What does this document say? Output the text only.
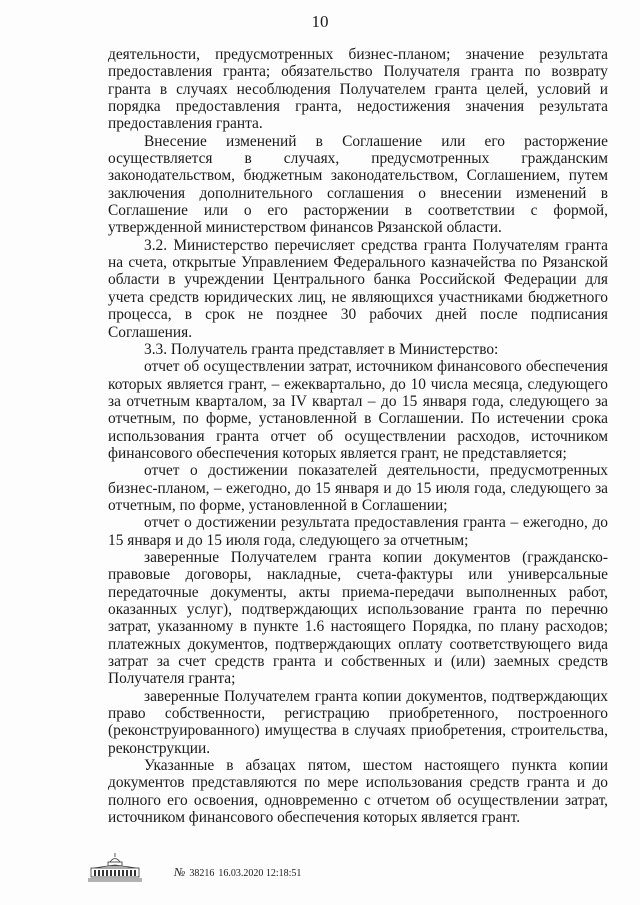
10

деятельности, предусмотренных бизнес-планом; значение результата предоставления гранта; обязательство Получателя гранта по возврату гранта в случаях несоблюдения Получателем гранта целей, условий и порядка предоставления гранта, недостижения значения результата предоставления гранта.

Внесение изменений в Соглашение или его расторжение осуществляется в случаях, предусмотренных гражданским законодательством, бюджетным законодательством, Соглашением, путем заключения дополнительного соглашения о внесении изменений в Соглашение или о его расторжении в соответствии с формой, утвержденной министерством финансов Рязанской области.

3.2. Министерство перечисляет средства гранта Получателям гранта на счета, открытые Управлением Федерального казначейства по Рязанской области в учреждении Центрального банка Российской Федерации для учета средств юридических лиц, не являющихся участниками бюджетного процесса, в срок не позднее 30 рабочих дней после подписания Соглашения.

3.3. Получатель гранта представляет в Министерство:

отчет об осуществлении затрат, источником финансового обеспечения которых является грант, – ежеквартально, до 10 числа месяца, следующего за отчетным кварталом, за IV квартал – до 15 января года, следующего за отчетным, по форме, установленной в Соглашении. По истечении срока использования гранта отчет об осуществлении расходов, источником финансового обеспечения которых является грант, не представляется;

отчет о достижении показателей деятельности, предусмотренных бизнес-планом, – ежегодно, до 15 января и до 15 июля года, следующего за отчетным, по форме, установленной в Соглашении;

отчет о достижении результата предоставления гранта – ежегодно, до 15 января и до 15 июля года, следующего за отчетным;

заверенные Получателем гранта копии документов (гражданско-правовые договоры, накладные, счета-фактуры или универсальные передаточные документы, акты приема-передачи выполненных работ, оказанных услуг), подтверждающих использование гранта по перечню затрат, указанному в пункте 1.6 настоящего Порядка, по плану расходов; платежных документов, подтверждающих оплату соответствующего вида затрат за счет средств гранта и собственных и (или) заемных средств Получателя гранта;

заверенные Получателем гранта копии документов, подтверждающих право собственности, регистрацию приобретенного, построенного (реконструированного) имущества в случаях приобретения, строительства, реконструкции.

Указанные в абзацах пятом, шестом настоящего пункта копии документов представляются по мере использования средств гранта и до полного его освоения, одновременно с отчетом об осуществлении затрат, источником финансового обеспечения которых является грант.

№ 38216 16.03.2020 12:18:51
